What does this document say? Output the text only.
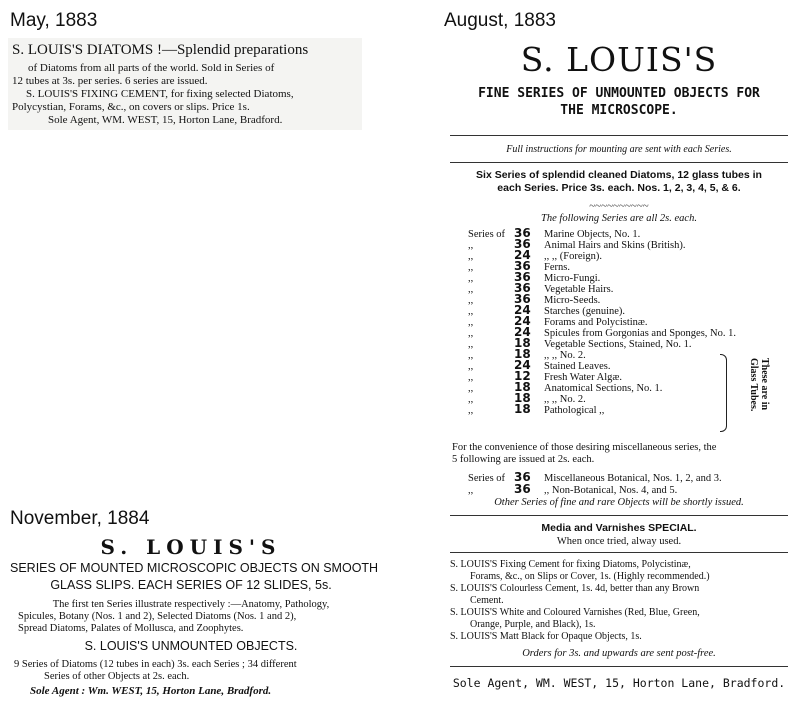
May, 1883	August, 1883
November, 1884
S. LOUIS'S DIATOMS !—Splendid preparations
of Diatoms from all parts of the world. Sold in Series of
12 tubes at 3s. per series. 6 series are issued.
S. LOUIS'S FIXING CEMENT, for fixing selected Diatoms,
Polycystian, Forams, &c., on covers or slips. Price 1s.
Sole Agent, WM. WEST, 15, Horton Lane, Bradford.
S. LOUIS'S
FINE SERIES OF UNMOUNTED OBJECTS FOR
THE MICROSCOPE.
Full instructions for mounting are sent with each Series.
Six Series of splendid cleaned Diatoms, 12 glass tubes in
each Series. Price 3s. each. Nos. 1, 2, 3, 4, 5, & 6.
~~~~~~~~~~
The following Series are all 2s. each.
Series of 36 Marine Objects, No. 1.
,,	36 Animal Hairs and Skins (British).
,,	24 ,, ,, (Foreign).
,,	36 Ferns.
,,	36 Micro-Fungi.
,,	36 Vegetable Hairs.
,,	36 Micro-Seeds.
,,	24 Starches (genuine).
,,	24 Forams and Polycistinæ.
,,	24 Spicules from Gorgonias and Sponges, No. 1.
,,	18 Vegetable Sections, Stained, No. 1.
,,	18 ,, ,, No. 2.
,,	24 Stained Leaves.
,,	12 Fresh Water Algæ.
,,	18 Anatomical Sections, No. 1.
,,	18 ,, ,, No. 2.
,,	18 Pathological ,,
These are in Glass Tubes.
For the convenience of those desiring miscellaneous series, the
5 following are issued at 2s. each.
Series of 36 Miscellaneous Botanical, Nos. 1, 2, and 3.
,,	36 ,, Non-Botanical, Nos. 4, and 5.
Other Series of fine and rare Objects will be shortly issued.
Media and Varnishes SPECIAL.
When once tried, alway used.
S. LOUIS'S Fixing Cement for fixing Diatoms, Polycistinæ,
Forams, &c., on Slips or Cover, 1s. (Highly recommended.)
S. LOUIS'S Colourless Cement, 1s. 4d, better than any Brown
Cement.
S. LOUIS'S White and Coloured Varnishes (Red, Blue, Green,
Orange, Purple, and Black), 1s.
S. LOUIS'S Matt Black for Opaque Objects, 1s.
Orders for 3s. and upwards are sent post-free.
Sole Agent, WM. WEST, 15, Horton Lane, Bradford.
S. LOUIS'S
SERIES OF MOUNTED MICROSCOPIC OBJECTS ON SMOOTH
GLASS SLIPS. EACH SERIES OF 12 SLIDES, 5s.
The first ten Series illustrate respectively :—Anatomy, Pathology,
Spicules, Botany (Nos. 1 and 2), Selected Diatoms (Nos. 1 and 2),
Spread Diatoms, Palates of Mollusca, and Zoophytes.
S. LOUIS'S UNMOUNTED OBJECTS.
9 Series of Diatoms (12 tubes in each) 3s. each Series ; 34 different
Series of other Objects at 2s. each.
Sole Agent : Wm. WEST, 15, Horton Lane, Bradford.
